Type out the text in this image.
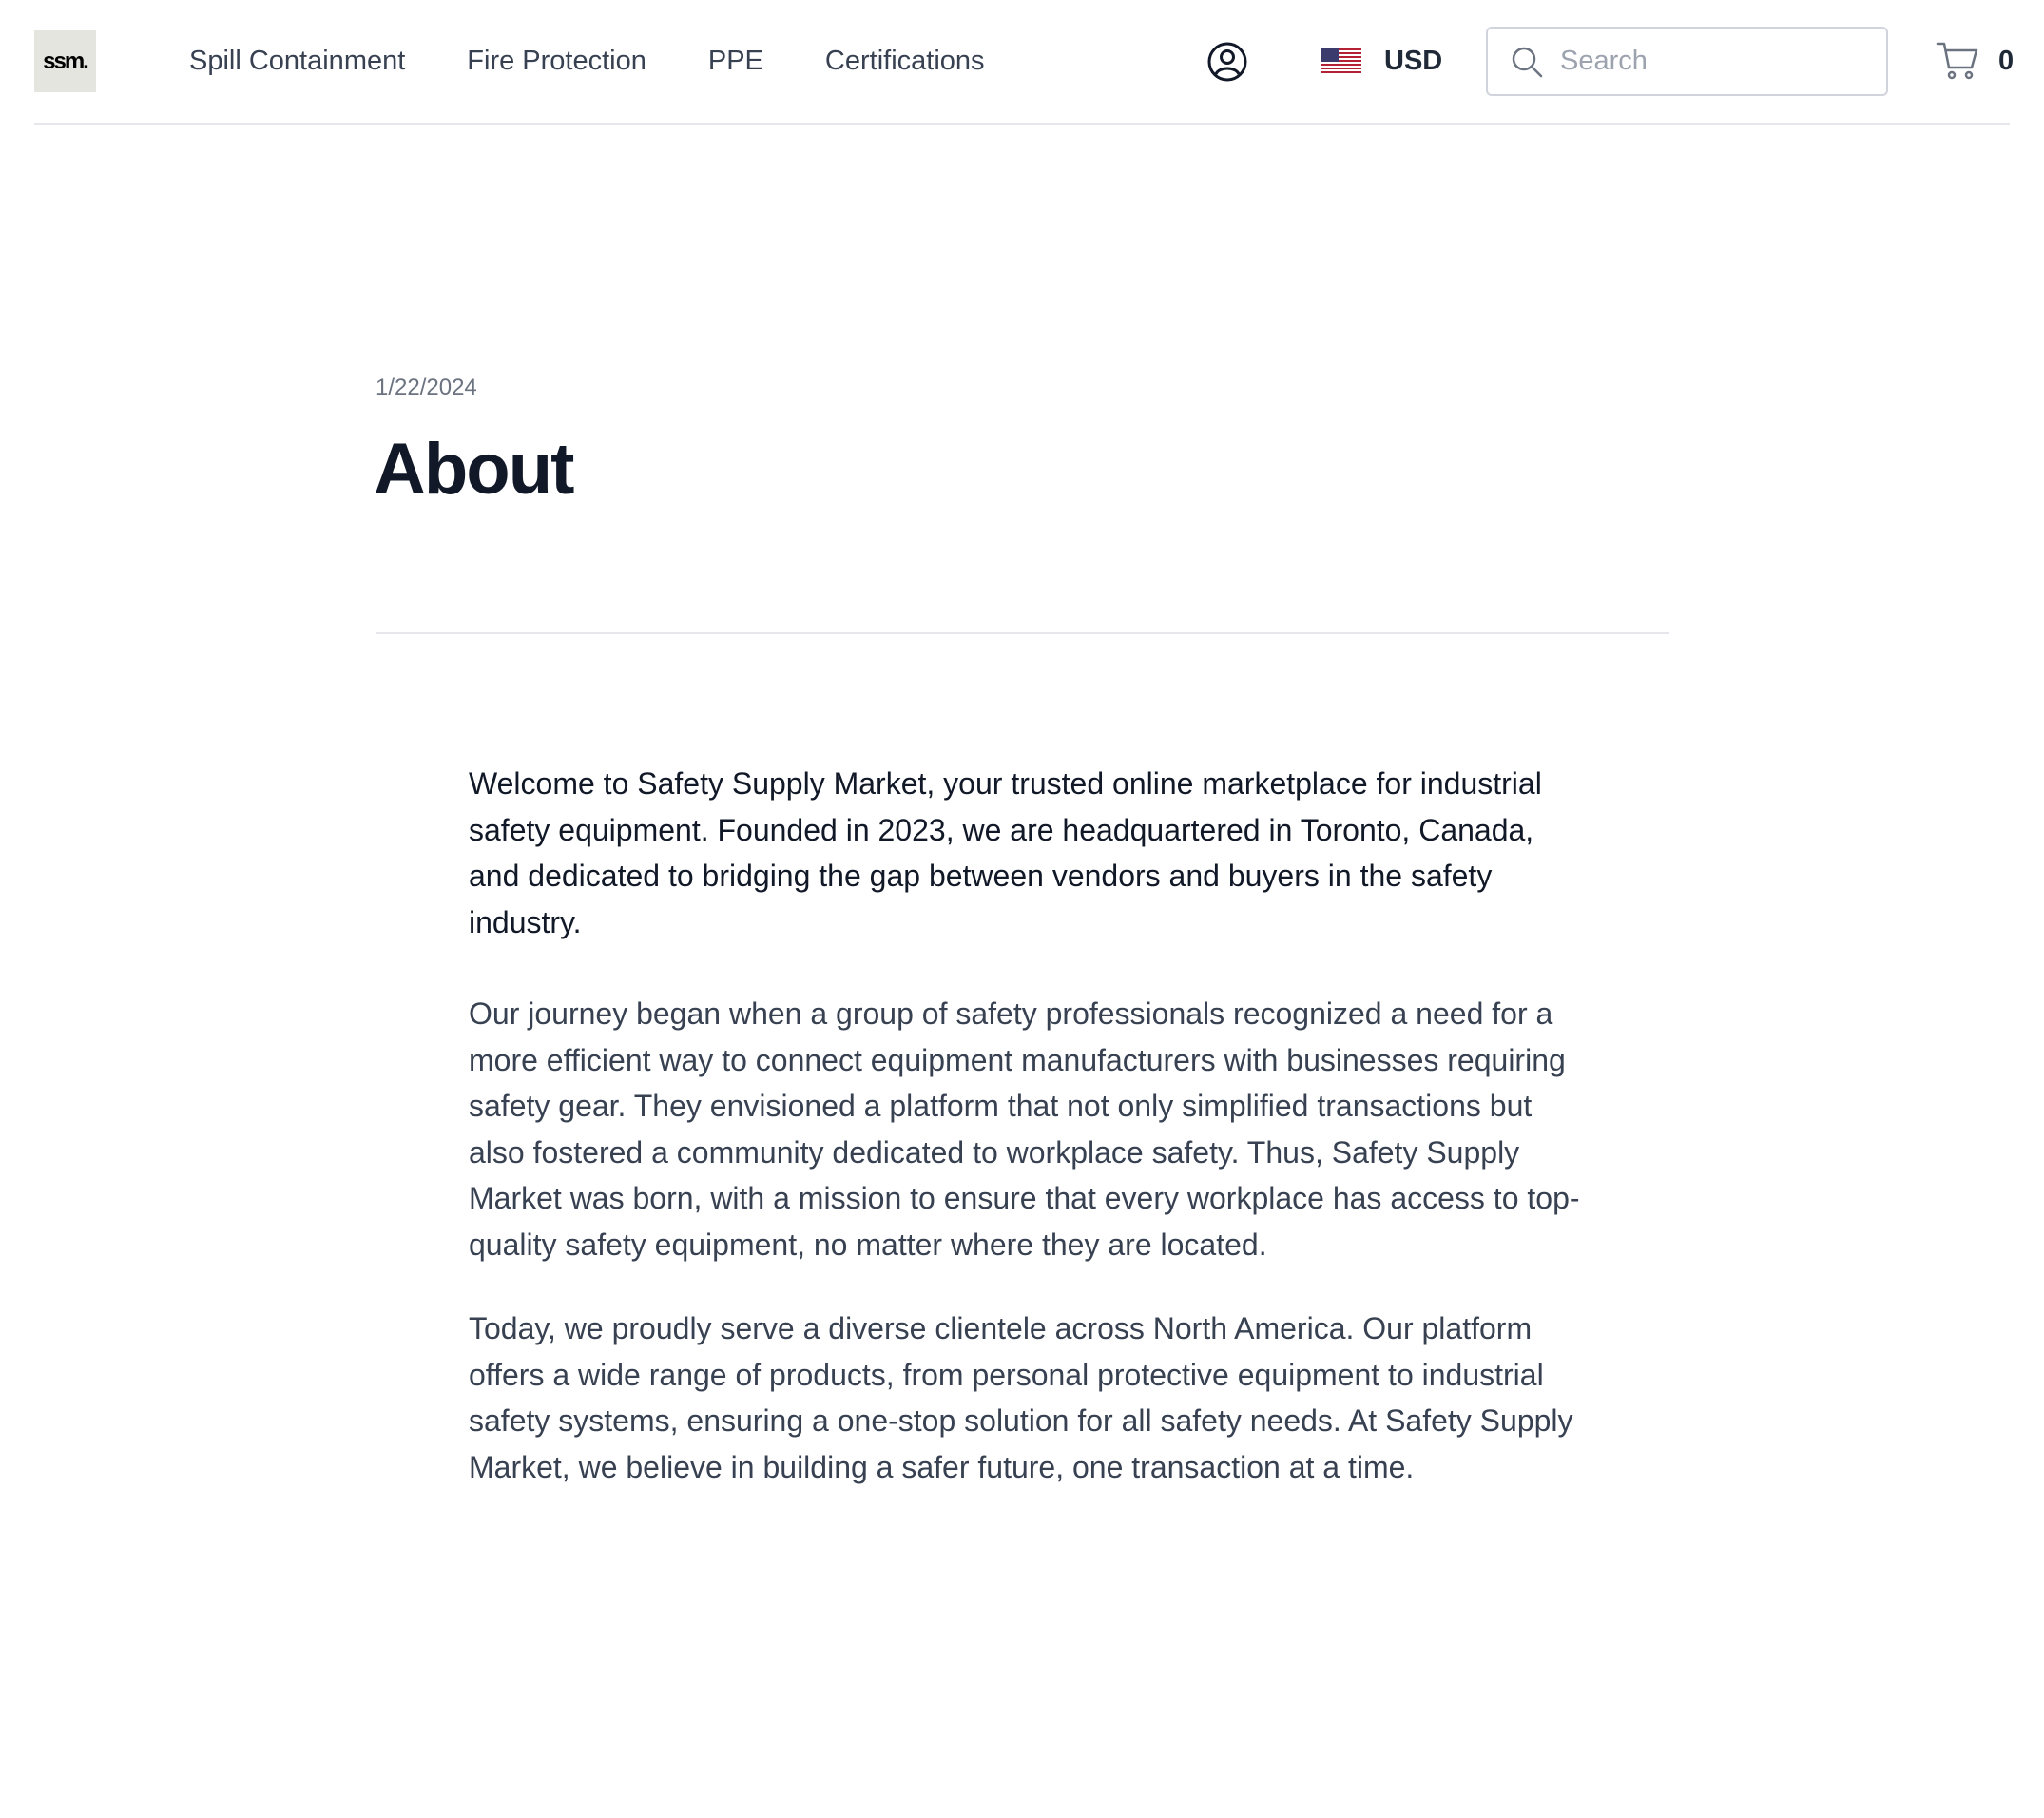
ssm.	Spill Containment Fire Protection PPE Certifications	USD
Search	0
1/22/2024
About

Welcome to Safety Supply Market, your trusted online marketplace for industrial safety equipment. Founded in 2023, we are headquartered in Toronto, Canada, and dedicated to bridging the gap between vendors and buyers in the safety industry.

Our journey began when a group of safety professionals recognized a need for a more efficient way to connect equipment manufacturers with businesses requiring safety gear. They envisioned a platform that not only simplified transactions but also fostered a community dedicated to workplace safety. Thus, Safety Supply Market was born, with a mission to ensure that every workplace has access to top-quality safety equipment, no matter where they are located.

Today, we proudly serve a diverse clientele across North America. Our platform offers a wide range of products, from personal protective equipment to industrial safety systems, ensuring a one-stop solution for all safety needs. At Safety Supply Market, we believe in building a safer future, one transaction at a time.
